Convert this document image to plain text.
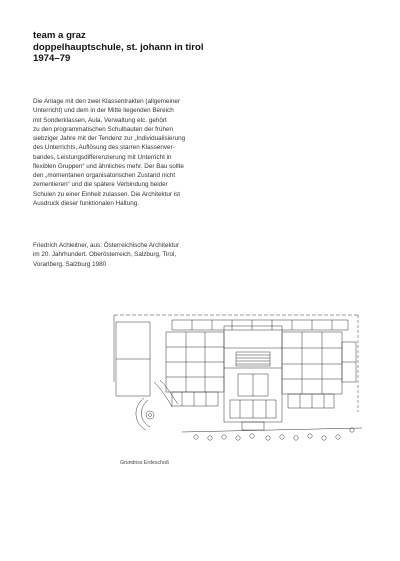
team a graz
doppelhauptschule, st. johann in tirol
1974–79
Die Anlage mit den zwei Klassentrakten (allgemeiner
Unterricht) und dem in der Mitte liegenden Bereich
mit Sonderklassen, Aula, Verwaltung etc. gehört
zu den programmatischen Schulbauten der frühen
siebziger Jahre mit der Tendenz zur „Individualisierung
des Unterrichts, Auflösung des starren Klassenver-
bandes, Leistungsdifferenzierung mit Unterricht in
flexiblen Gruppen“ und ähnliches mehr. Der Bau sollte
den „momentanen organisatorischen Zustand nicht
zementieren“ und die spätere Verbindung beider
Schulen zu einer Einheit zulassen. Die Architektur ist
Ausdruck dieser funktionalen Haltung.
Friedrich Achleitner, aus: Österreichische Architektur
im 20. Jahrhundert. Oberösterreich, Salzburg, Tirol,
Vorarlberg, Salzburg 1980
Grundriss Erdeschoß
